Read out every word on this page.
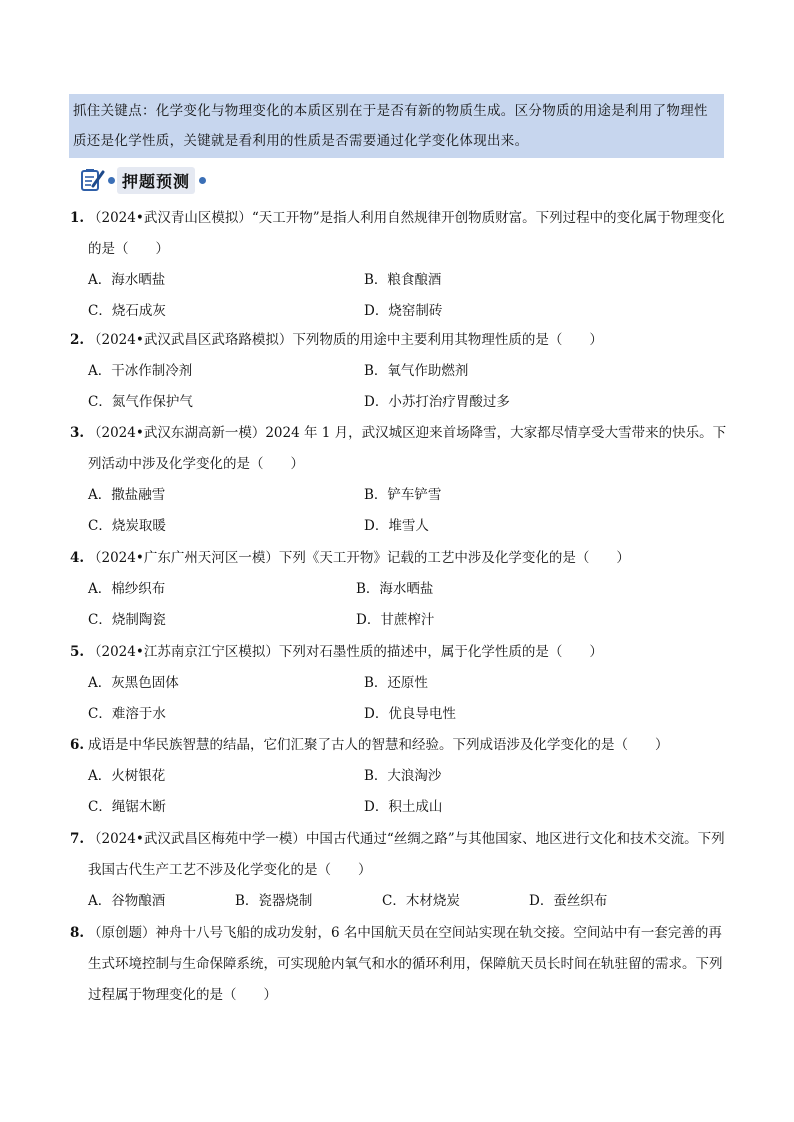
抓住关键点：化学变化与物理变化的本质区别在于是否有新的物质生成。区分物质的用途是利用了物理性质还是化学性质，关键就是看利用的性质是否需要通过化学变化体现出来。
押题预测
1. （2024•武汉青山区模拟）“天工开物”是指人利用自然规律开创物质财富。下列过程中的变化属于物理变化的是（　　）
A．海水晒盐	B．粮食酿酒
C．烧石成灰	D．烧窑制砖
2. （2024•武汉武昌区武珞路模拟）下列物质的用途中主要利用其物理性质的是（　　）
A．干冰作制冷剂	B．氧气作助燃剂
C．氮气作保护气	D．小苏打治疗胃酸过多
3. （2024•武汉东湖高新一模）2024 年 1 月，武汉城区迎来首场降雪，大家都尽情享受大雪带来的快乐。下列活动中涉及化学变化的是（　　）
A．撒盐融雪	B．铲车铲雪
C．烧炭取暖	D．堆雪人
4. （2024•广东广州天河区一模）下列《天工开物》记载的工艺中涉及化学变化的是（　　）
A．棉纱织布	B．海水晒盐
C．烧制陶瓷	D．甘蔗榨汁
5. （2024•江苏南京江宁区模拟）下列对石墨性质的描述中，属于化学性质的是（　　）
A．灰黑色固体	B．还原性
C．难溶于水	D．优良导电性
6. 成语是中华民族智慧的结晶，它们汇聚了古人的智慧和经验。下列成语涉及化学变化的是（　　）
A．火树银花	B．大浪淘沙
C．绳锯木断	D．积土成山
7. （2024•武汉武昌区梅苑中学一模）中国古代通过“丝绸之路”与其他国家、地区进行文化和技术交流。下列我国古代生产工艺不涉及化学变化的是（　　）
A．谷物酿酒	B．瓷器烧制	C．木材烧炭	D．蚕丝织布
8. （原创题）神舟十八号飞船的成功发射，6 名中国航天员在空间站实现在轨交接。空间站中有一套完善的再生式环境控制与生命保障系统，可实现舱内氧气和水的循环利用，保障航天员长时间在轨驻留的需求。下列过程属于物理变化的是（　　）
